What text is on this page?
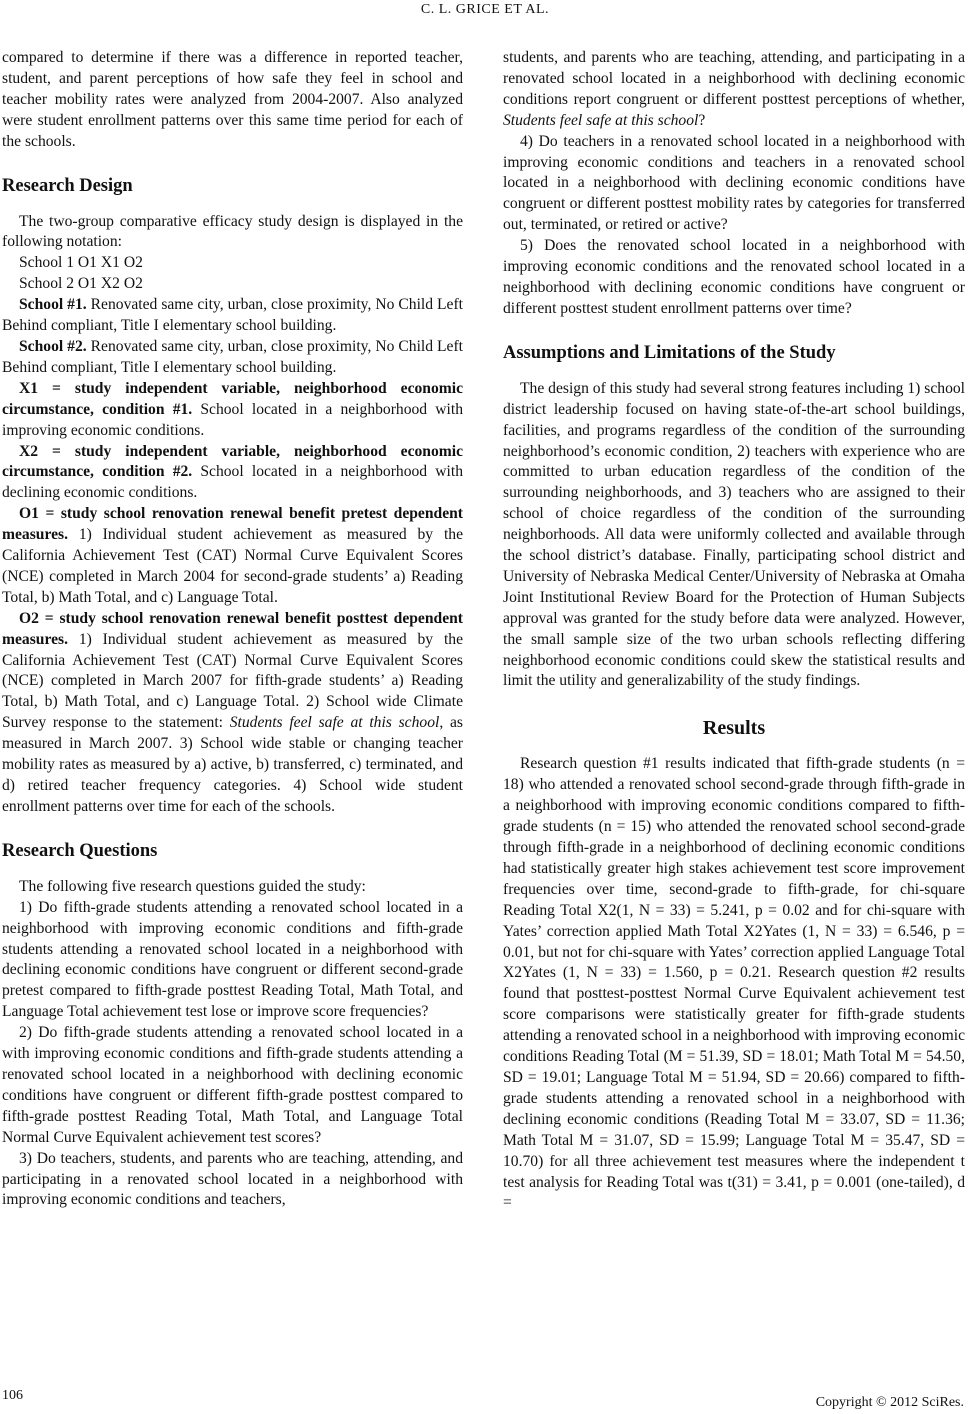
C. L. GRICE ET AL.

compared to determine if there was a difference in reported teacher, student, and parent perceptions of how safe they feel in school and teacher mobility rates were analyzed from 2004-2007. Also analyzed were student enrollment patterns over this same time period for each of the schools.

Research Design

The two-group comparative efficacy study design is displayed in the following notation:

School 1 O1 X1 O2

School 2 O1 X2 O2

School #1. Renovated same city, urban, close proximity, No Child Left Behind compliant, Title I elementary school building.

School #2. Renovated same city, urban, close proximity, No Child Left Behind compliant, Title I elementary school building.

X1 = study independent variable, neighborhood economic circumstance, condition #1. School located in a neighborhood with improving economic conditions.

X2 = study independent variable, neighborhood economic circumstance, condition #2. School located in a neighborhood with declining economic conditions.

O1 = study school renovation renewal benefit pretest dependent measures. 1) Individual student achievement as measured by the California Achievement Test (CAT) Normal Curve Equivalent Scores (NCE) completed in March 2004 for second-grade students’ a) Reading Total, b) Math Total, and c) Language Total.

O2 = study school renovation renewal benefit posttest dependent measures. 1) Individual student achievement as measured by the California Achievement Test (CAT) Normal Curve Equivalent Scores (NCE) completed in March 2007 for fifth-grade students’ a) Reading Total, b) Math Total, and c) Language Total. 2) School wide Climate Survey response to the statement: Students feel safe at this school, as measured in March 2007. 3) School wide stable or changing teacher mobility rates as measured by a) active, b) transferred, c) terminated, and d) retired teacher frequency categories. 4) School wide student enrollment patterns over time for each of the schools.

Research Questions

The following five research questions guided the study:

1) Do fifth-grade students attending a renovated school located in a neighborhood with improving economic conditions and fifth-grade students attending a renovated school located in a neighborhood with declining economic conditions have congruent or different second-grade pretest compared to fifth-grade posttest Reading Total, Math Total, and Language Total achievement test lose or improve score frequencies?

2) Do fifth-grade students attending a renovated school located in a with improving economic conditions and fifth-grade students attending a renovated school located in a neighborhood with declining economic conditions have congruent or different fifth-grade posttest compared to fifth-grade posttest Reading Total, Math Total, and Language Total Normal Curve Equivalent achievement test scores?

3) Do teachers, students, and parents who are teaching, attending, and participating in a renovated school located in a neighborhood with improving economic conditions and teachers,

students, and parents who are teaching, attending, and participating in a renovated school located in a neighborhood with declining economic conditions report congruent or different posttest perceptions of whether, Students feel safe at this school?

4) Do teachers in a renovated school located in a neighborhood with improving economic conditions and teachers in a renovated school located in a neighborhood with declining economic conditions have congruent or different posttest mobility rates by categories for transferred out, terminated, or retired or active?

5) Does the renovated school located in a neighborhood with improving economic conditions and the renovated school located in a neighborhood with declining economic conditions have congruent or different posttest student enrollment patterns over time?

Assumptions and Limitations of the Study

The design of this study had several strong features including 1) school district leadership focused on having state-of-the-art school buildings, facilities, and programs regardless of the condition of the surrounding neighborhood’s economic condition, 2) teachers with experience who are committed to urban education regardless of the condition of the surrounding neighborhoods, and 3) teachers who are assigned to their school of choice regardless of the condition of the surrounding neighborhoods. All data were uniformly collected and available through the school district’s database. Finally, participating school district and University of Nebraska Medical Center/University of Nebraska at Omaha Joint Institutional Review Board for the Protection of Human Subjects approval was granted for the study before data were analyzed. However, the small sample size of the two urban schools reflecting differing neighborhood economic conditions could skew the statistical results and limit the utility and generalizability of the study findings.

Results

Research question #1 results indicated that fifth-grade students (n = 18) who attended a renovated school second-grade through fifth-grade in a neighborhood with improving economic conditions compared to fifth-grade students (n = 15) who attended the renovated school second-grade through fifth-grade in a neighborhood of declining economic conditions had statistically greater high stakes achievement test score improvement frequencies over time, second-grade to fifth-grade, for chi-square Reading Total X2(1, N = 33) = 5.241, p = 0.02 and for chi-square with Yates’ correction applied Math Total X2Yates (1, N = 33) = 6.546, p = 0.01, but not for chi-square with Yates’ correction applied Language Total X2Yates (1, N = 33) = 1.560, p = 0.21. Research question #2 results found that posttest-posttest Normal Curve Equivalent achievement test score comparisons were statistically greater for fifth-grade students attending a renovated school in a neighborhood with improving economic conditions Reading Total (M = 51.39, SD = 18.01; Math Total M = 54.50, SD = 19.01; Language Total M = 51.94, SD = 20.66) compared to fifth-grade students attending a renovated school in a neighborhood with declining economic conditions (Reading Total M = 33.07, SD = 11.36; Math Total M = 31.07, SD = 15.99; Language Total M = 35.47, SD = 10.70) for all three achievement test measures where the independent t test analysis for Reading Total was t(31) = 3.41, p = 0.001 (one-tailed), d =

106	Copyright © 2012 SciRes.
